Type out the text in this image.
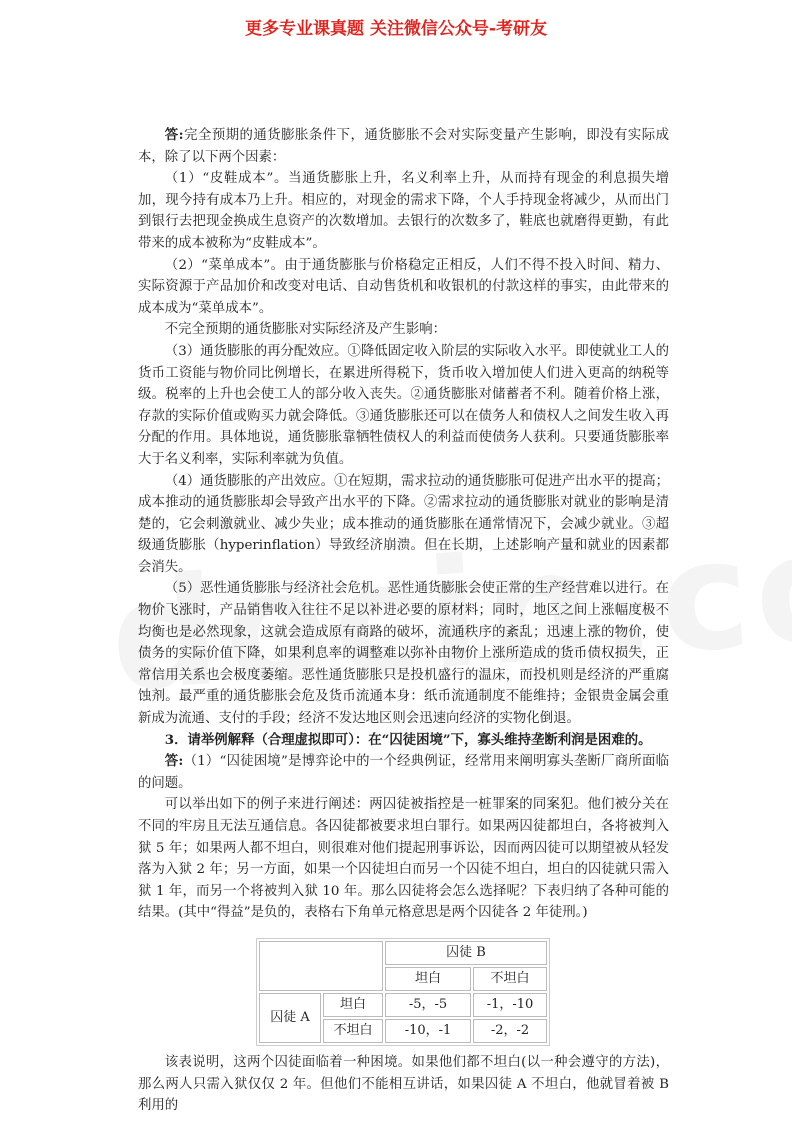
更多专业课真题 关注微信公众号-考研友

答:完全预期的通货膨胀条件下，通货膨胀不会对实际变量产生影响，即没有实际成本，除了以下两个因素：

（1）“皮鞋成本”。当通货膨胀上升，名义利率上升，从而持有现金的利息损失增加，现今持有成本乃上升。相应的，对现金的需求下降，个人手持现金将减少，从而出门到银行去把现金换成生息资产的次数增加。去银行的次数多了，鞋底也就磨得更勤，有此带来的成本被称为“皮鞋成本”。

（2）“菜单成本”。由于通货膨胀与价格稳定正相反，人们不得不投入时间、精力、实际资源于产品加价和改变对电话、自动售货机和收银机的付款这样的事实，由此带来的成本成为“菜单成本”。

不完全预期的通货膨胀对实际经济及产生影响：

（3）通货膨胀的再分配效应。①降低固定收入阶层的实际收入水平。即使就业工人的货币工资能与物价同比例增长，在累进所得税下，货币收入增加使人们进入更高的纳税等级。税率的上升也会使工人的部分收入丧失。②通货膨胀对储蓄者不利。随着价格上涨，存款的实际价值或购买力就会降低。③通货膨胀还可以在债务人和债权人之间发生收入再分配的作用。具体地说，通货膨胀靠牺牲债权人的利益而使债务人获利。只要通货膨胀率大于名义利率，实际利率就为负值。

（4）通货膨胀的产出效应。①在短期，需求拉动的通货膨胀可促进产出水平的提高；成本推动的通货膨胀却会导致产出水平的下降。②需求拉动的通货膨胀对就业的影响是清楚的，它会刺激就业、减少失业；成本推动的通货膨胀在通常情况下，会减少就业。③超级通货膨胀（hyperinflation）导致经济崩溃。但在长期，上述影响产量和就业的因素都会消失。

（5）恶性通货膨胀与经济社会危机。恶性通货膨胀会使正常的生产经营难以进行。在物价飞涨时，产品销售收入往往不足以补进必要的原材料；同时，地区之间上涨幅度极不均衡也是必然现象，这就会造成原有商路的破坏，流通秩序的紊乱；迅速上涨的物价，使债务的实际价值下降，如果利息率的调整难以弥补由物价上涨所造成的货币债权损失，正常信用关系也会极度萎缩。恶性通货膨胀只是投机盛行的温床，而投机则是经济的严重腐蚀剂。最严重的通货膨胀会危及货币流通本身：纸币流通制度不能维持；金银贵金属会重新成为流通、支付的手段；经济不发达地区则会迅速向经济的实物化倒退。

3．请举例解释（合理虚拟即可）：在“囚徒困境”下，寡头维持垄断利润是困难的。

答:（1）“囚徒困境”是博弈论中的一个经典例证，经常用来阐明寡头垄断厂商所面临的问题。

可以举出如下的例子来进行阐述：两囚徒被指控是一桩罪案的同案犯。他们被分关在不同的牢房且无法互通信息。各囚徒都被要求坦白罪行。如果两囚徒都坦白，各将被判入狱 5 年；如果两人都不坦白，则很难对他们提起刑事诉讼，因而两囚徒可以期望被从轻发落为入狱 2 年；另一方面，如果一个囚徒坦白而另一个囚徒不坦白，坦白的囚徒就只需入狱 1 年，而另一个将被判入狱 10 年。那么囚徒将会怎么选择呢？下表归纳了各种可能的结果。(其中“得益”是负的，表格右下角单元格意思是两个囚徒各 2 年徒刑。)

		囚徒 B	
		坦白	不坦白
囚徒 A	坦白	-5，-5	-1，-10
	不坦白	-10，-1	-2，-2

该表说明，这两个囚徒面临着一种困境。如果他们都不坦白(以一种会遵守的方法)，那么两人只需入狱仅仅 2 年。但他们不能相互讲话，如果囚徒 A 不坦白，他就冒着被 B 利用的
